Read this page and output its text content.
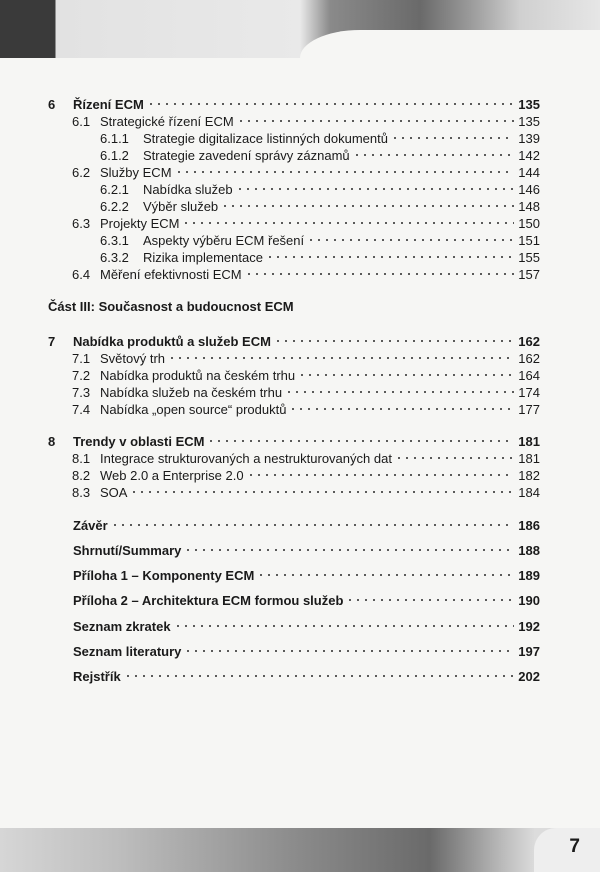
6	Řízení ECM	135
6.1 Strategické řízení ECM	135
6.1.1	Strategie digitalizace listinných dokumentů	139
6.1.2	Strategie zavedení správy záznamů	142
6.2 Služby ECM	144
6.2.1	Nabídka služeb	146
6.2.2	Výběr služeb	148
6.3 Projekty ECM	150
6.3.1	Aspekty výběru ECM řešení	151
6.3.2	Rizika implementace	155
6.4 Měření efektivnosti ECM	157
7	Nabídka produktů a služeb ECM	162
7.1 Světový trh	162
7.2 Nabídka produktů na českém trhu	164
7.3 Nabídka služeb na českém trhu	174
7.4 Nabídka „open source“ produktů	177
8	Trendy v oblasti ECM	181
8.1 Integrace strukturovaných a nestrukturovaných dat	181
8.2 Web 2.0 a Enterprise 2.0	182
8.3 SOA	184
Závěr	186
Shrnutí/Summary	188
Příloha 1 – Komponenty ECM	189
Příloha 2 – Architektura ECM formou služeb	190
Seznam zkratek	192
Seznam literatury	197
Rejstřík	202
Část III: Současnost a budoucnost ECM
7
